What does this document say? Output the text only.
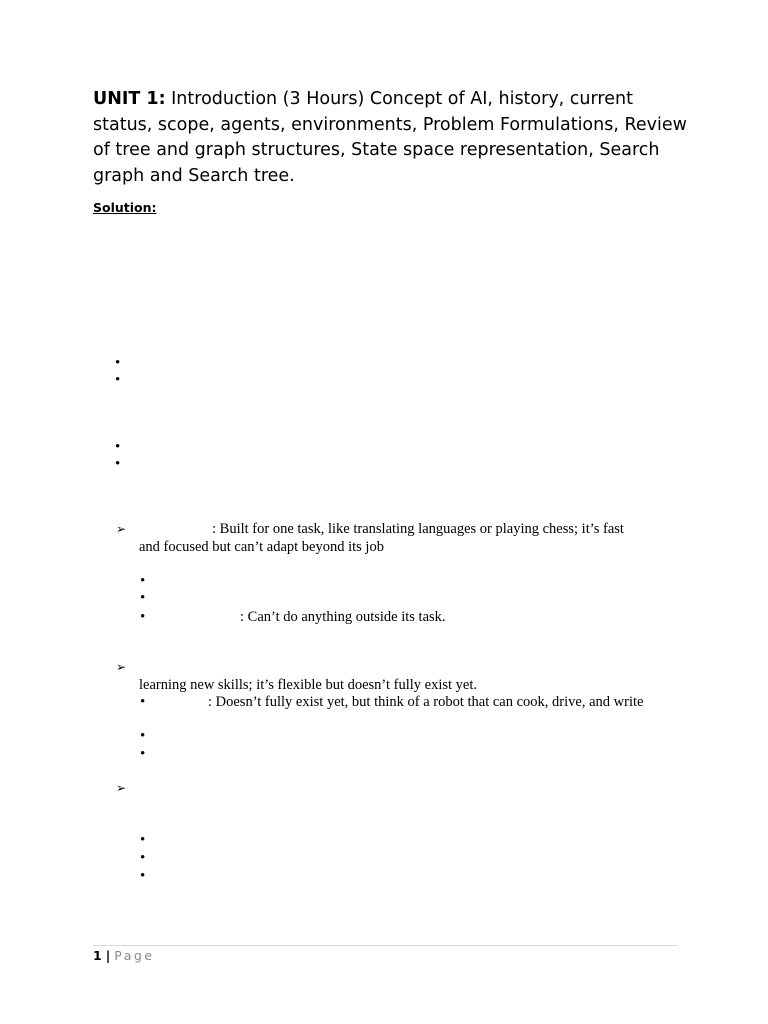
UNIT 1: Introduction (3 Hours) Concept of AI, history, current status, scope, agents, environments, Problem Formulations, Review of tree and graph structures, State space representation, Search graph and Search tree.
Solution:
•
•
•
•
➢	: Built for one task, like translating languages or playing chess; it’s fast
and focused but can’t adapt beyond its job
•
•
•	: Can’t do anything outside its task.
➢
learning new skills; it’s flexible but doesn’t fully exist yet.
•	: Doesn’t fully exist yet, but think of a robot that can cook, drive, and write
•
•
➢
•
•
•
1 | Page
